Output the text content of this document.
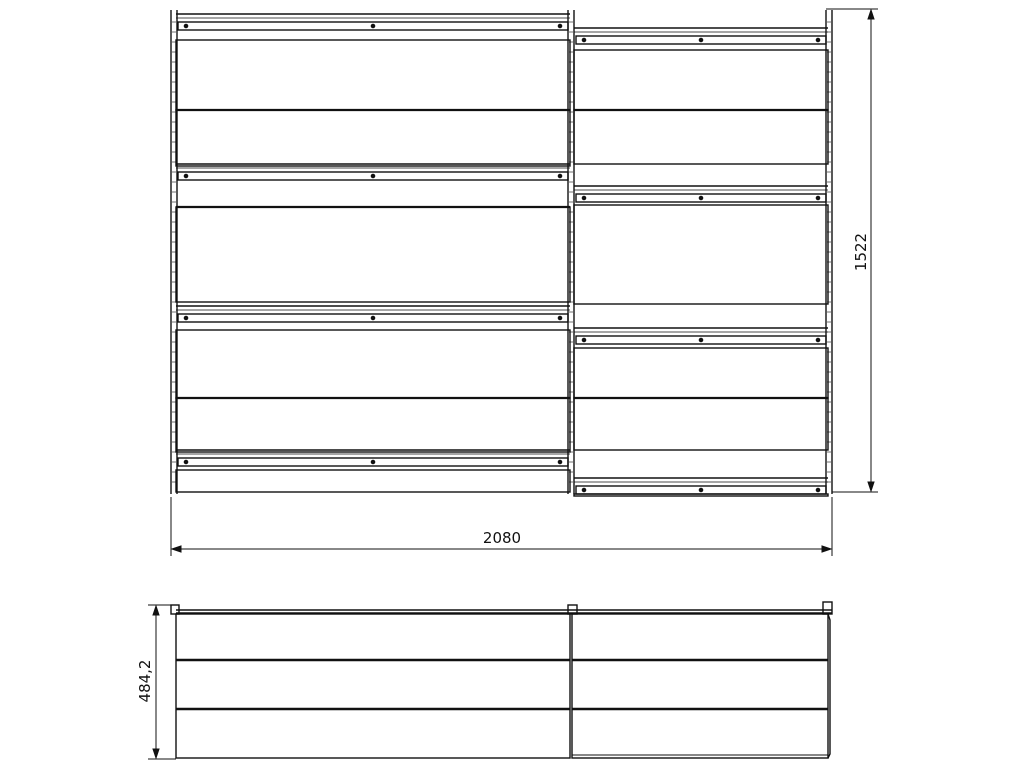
2080
1522
484,2
